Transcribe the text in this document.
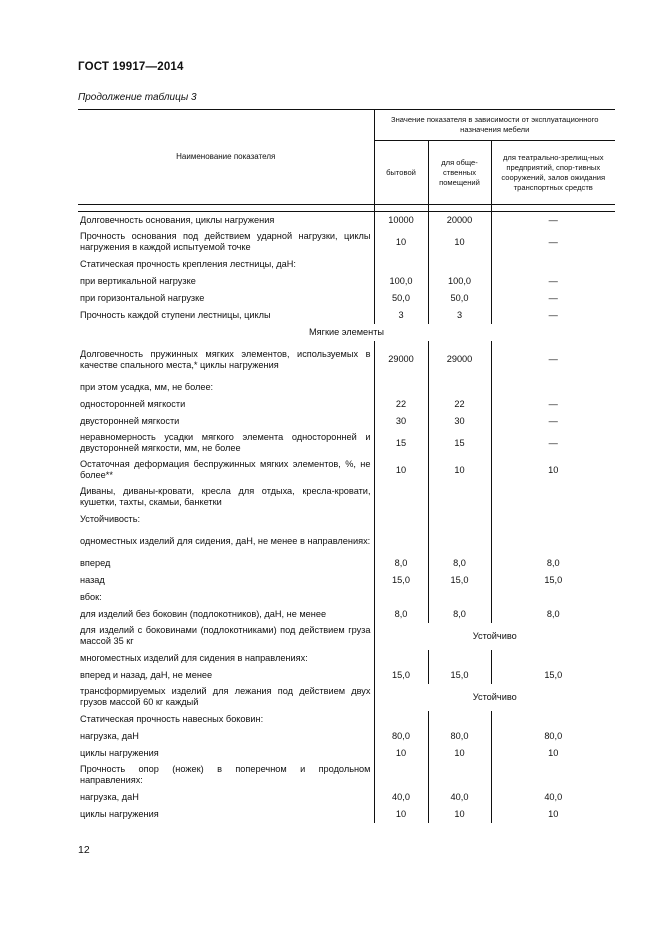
ГОСТ 19917—2014
Продолжение таблицы 3
Наименование показателя	Значение показателя в зависимости от эксплуатационного назначения мебели		
	бытовой	для обще-ственных помещений	для театрально-зрелищ-ных предприятий, спор-тивных сооружений, залов ожидания транспортных средств

Долговечность основания, циклы нагружения	10000	20000	—
Прочность основания под действием ударной нагрузки, циклы нагружения в каждой испытуемой точке	10	10	—
Статическая прочность крепления лестницы, даН:			
при вертикальной нагрузке	100,0	100,0	—
при горизонтальной нагрузке	50,0	50,0	—
Прочность каждой ступени лестницы, циклы	3	3	—
Мягкие элементы			
Долговечность пружинных мягких элементов, используемых в качестве спального места,* циклы нагружения	29000	29000	—
при этом усадка, мм, не более:			
односторонней мягкости	22	22	—
двусторонней мягкости	30	30	—
неравномерность усадки мягкого элемента односторонней и двусторонней мягкости, мм, не более	15	15	—
Остаточная деформация беспружинных мягких элементов, %, не более**	10	10	10
Диваны, диваны-кровати, кресла для отдыха, кресла-кровати, кушетки, тахты, скамьи, банкетки			
Устойчивость:			
одноместных изделий для сидения, даН, не менее в направлениях:			
вперед	8,0	8,0	8,0
назад	15,0	15,0	15,0
вбок:			
для изделий без боковин (подлокотников), даН, не менее	8,0	8,0	8,0
для изделий с боковинами (подлокотниками) под действием груза массой 35 кг	Устойчиво		
многоместных изделий для сидения в направлениях:			
вперед и назад, даН, не менее	15,0	15,0	15,0
трансформируемых изделий для лежания под действием двух грузов массой 60 кг каждый	Устойчиво		
Статическая прочность навесных боковин:			
нагрузка, даН	80,0	80,0	80,0
циклы нагружения	10	10	10
Прочность опор (ножек) в поперечном и продольном направлениях:			
нагрузка, даН	40,0	40,0	40,0
циклы нагружения	10	10	10
12
